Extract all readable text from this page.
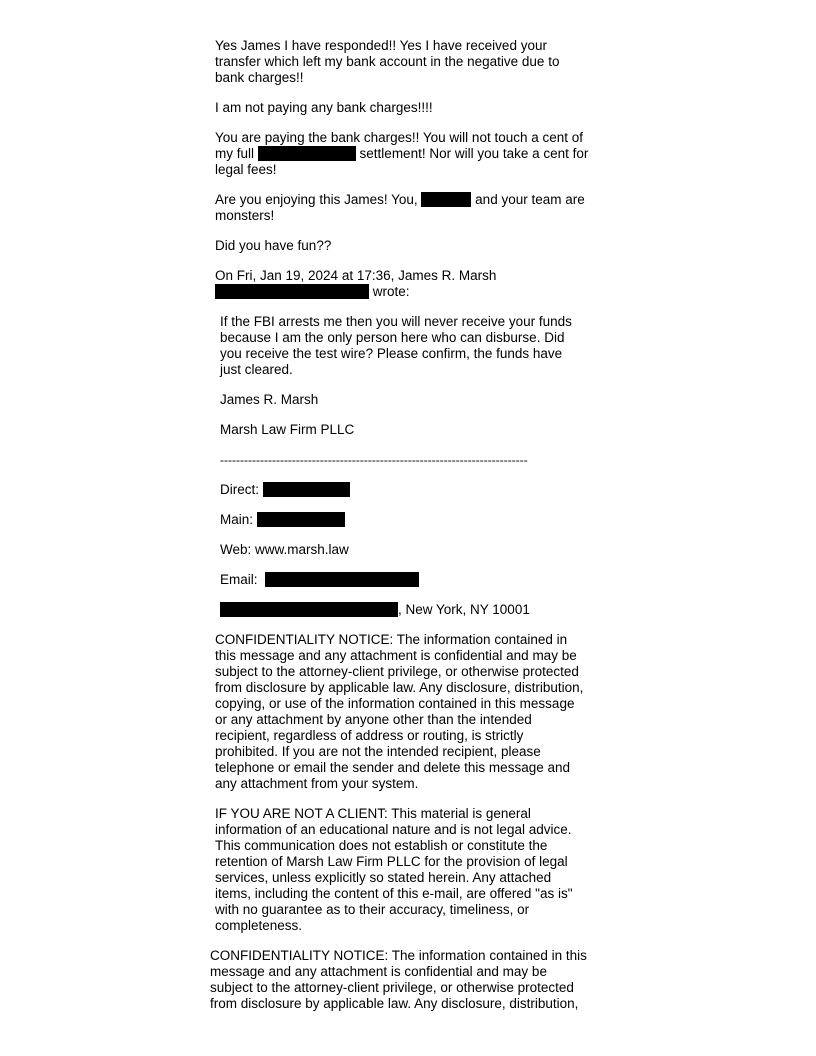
Yes James I have responded!! Yes I have received your
transfer which left my bank account in the negative due to
bank charges!!
I am not paying any bank charges!!!!
You are paying the bank charges!! You will not touch a cent of
my full	settlement! Nor will you take a cent for
legal fees!
Are you enjoying this James! You,	and your team are
monsters!
Did you have fun??
On Fri, Jan 19, 2024 at 17:36, James R. Marsh
wrote:
If the FBI arrests me then you will never receive your funds
because I am the only person here who can disburse. Did
you receive the test wire? Please confirm, the funds have
just cleared.
James R. Marsh
Marsh Law Firm PLLC
-----------------------------------------------------------------------------
Direct:
Main:
Web: www.marsh.law
Email:
, New York, NY 10001
CONFIDENTIALITY NOTICE: The information contained in
this message and any attachment is confidential and may be
subject to the attorney-client privilege, or otherwise protected
from disclosure by applicable law. Any disclosure, distribution,
copying, or use of the information contained in this message
or any attachment by anyone other than the intended
recipient, regardless of address or routing, is strictly
prohibited. If you are not the intended recipient, please
telephone or email the sender and delete this message and
any attachment from your system.
IF YOU ARE NOT A CLIENT: This material is general
information of an educational nature and is not legal advice.
This communication does not establish or constitute the
retention of Marsh Law Firm PLLC for the provision of legal
services, unless explicitly so stated herein. Any attached
items, including the content of this e-mail, are offered "as is"
with no guarantee as to their accuracy, timeliness, or
completeness.
CONFIDENTIALITY NOTICE: The information contained in this
message and any attachment is confidential and may be
subject to the attorney-client privilege, or otherwise protected
from disclosure by applicable law. Any disclosure, distribution,
